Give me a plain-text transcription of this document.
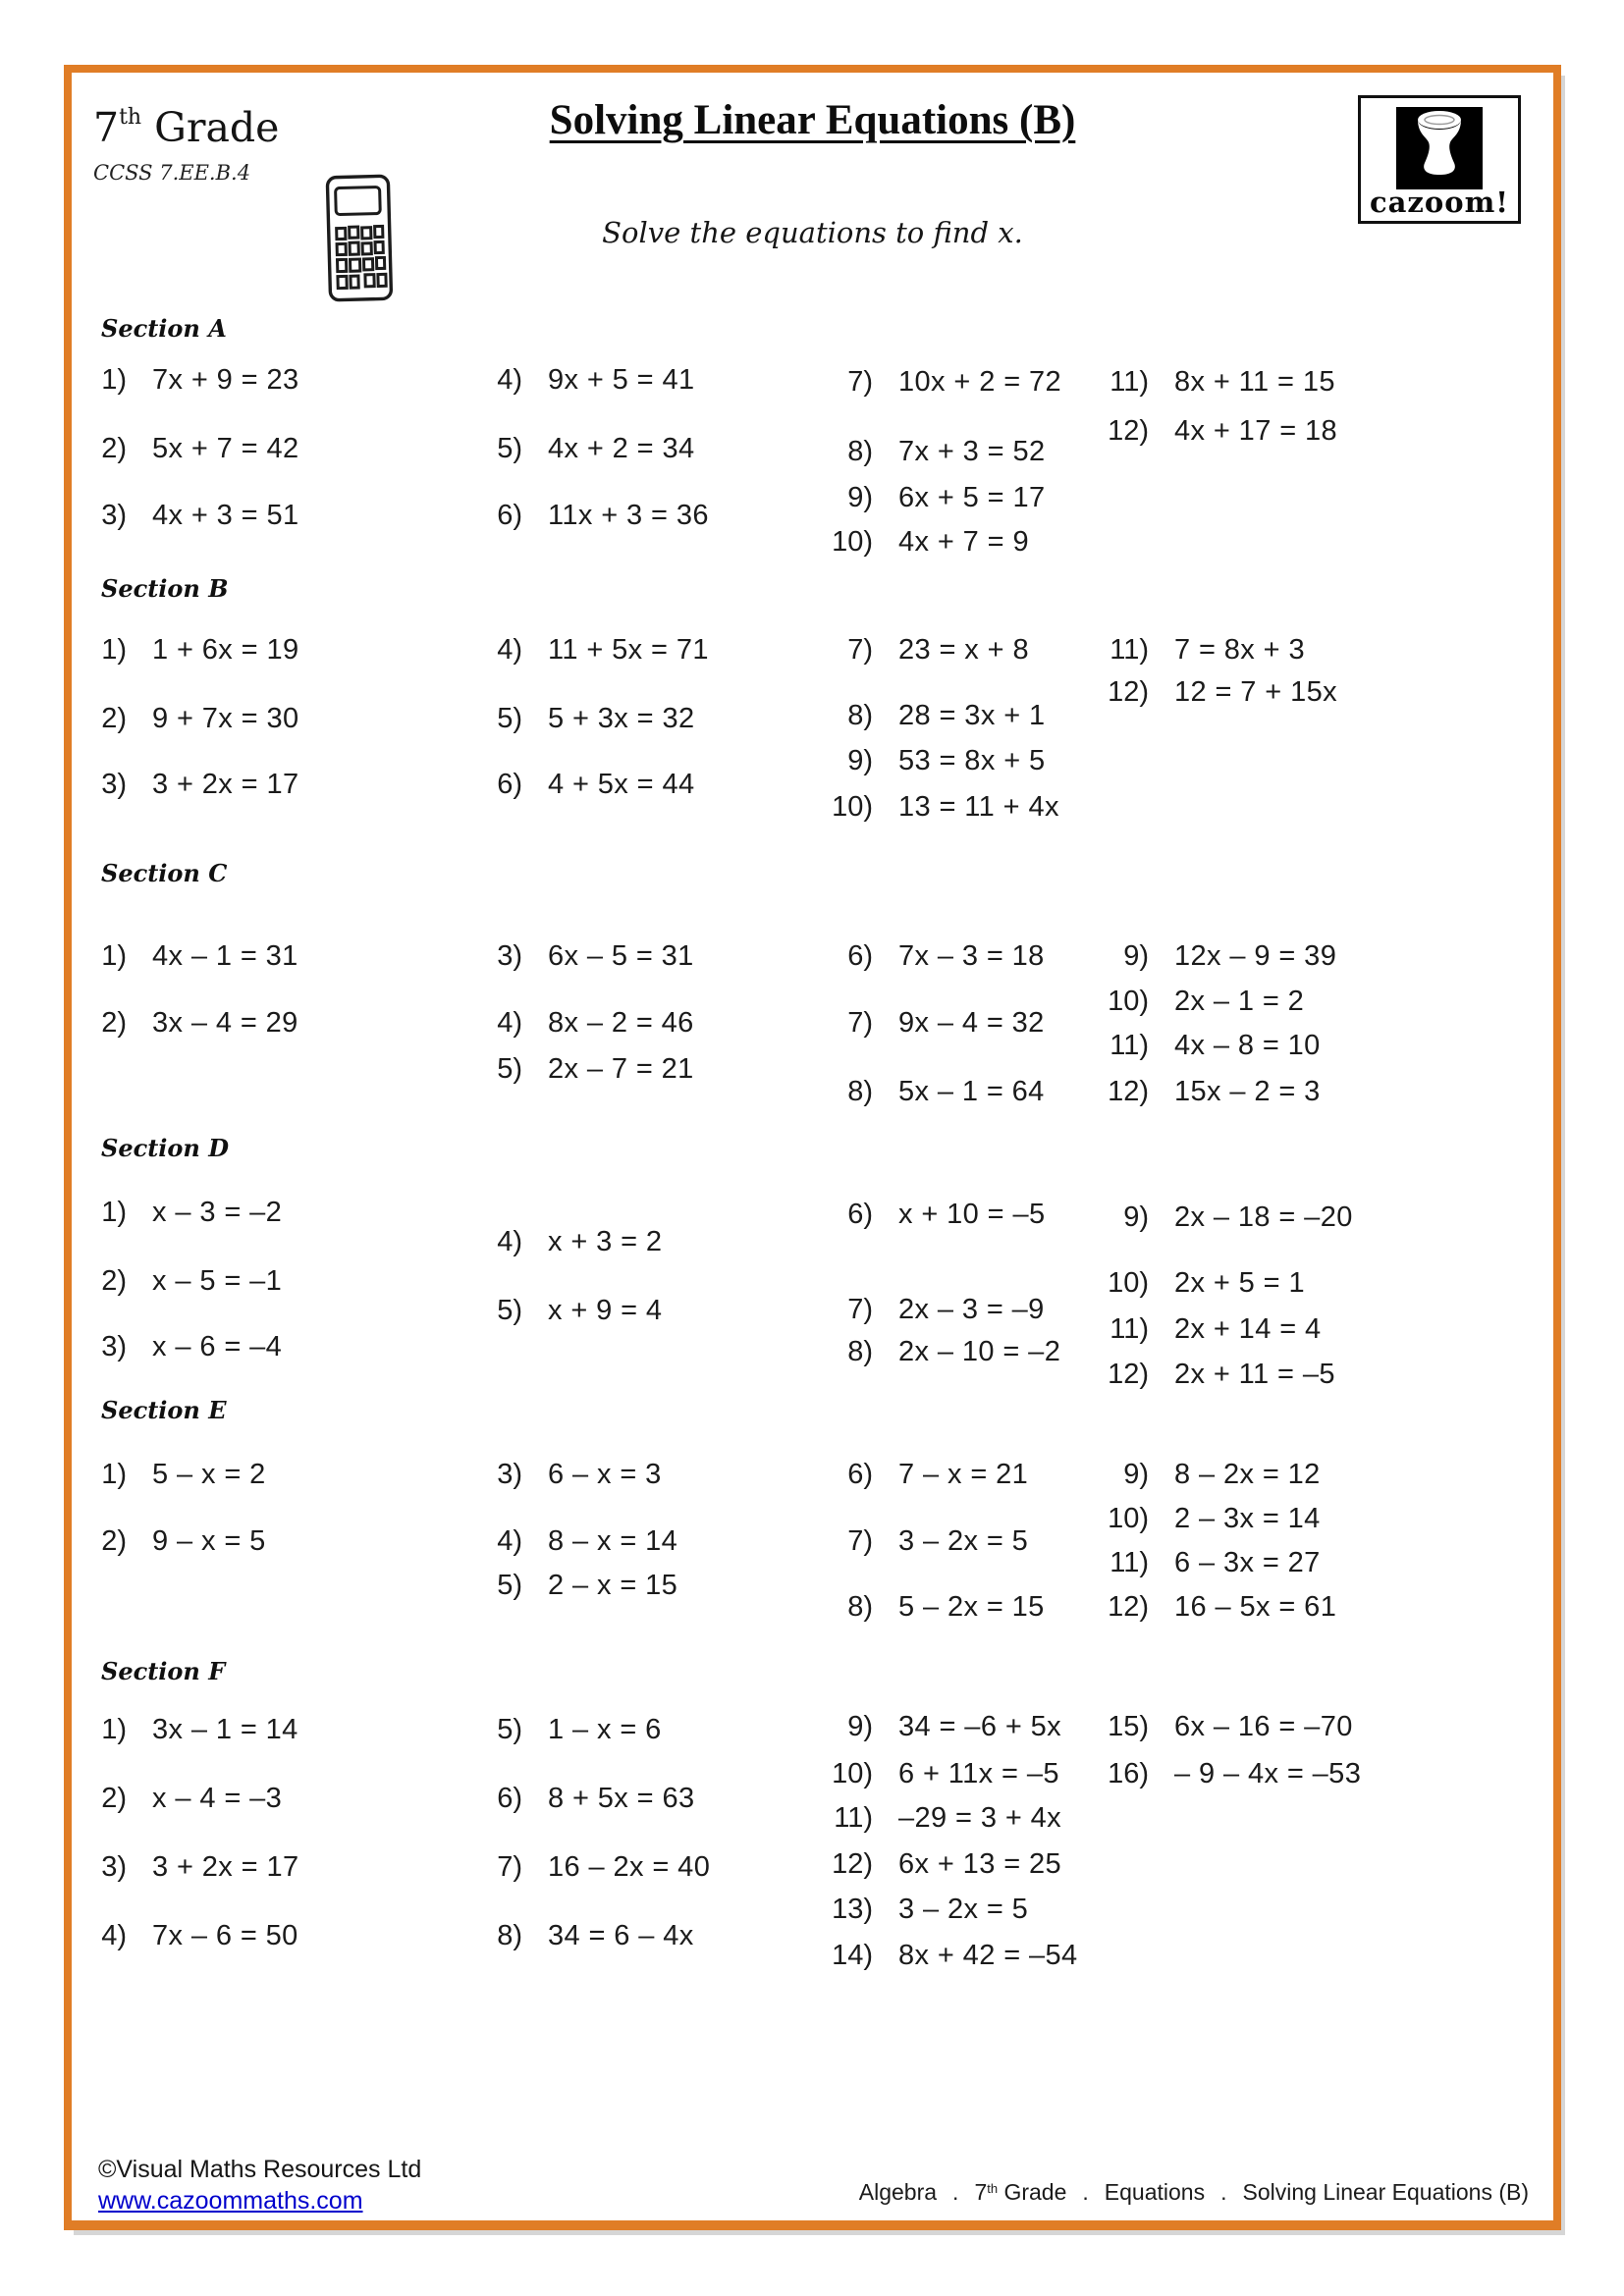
7th Grade
CCSS 7.EE.B.4
Solving Linear Equations (B)
Solve the equations to find x.
cazoom!
Section A
1) 7x + 9 = 23
2) 5x + 7 = 42
3) 4x + 3 = 51
4) 9x + 5 = 41
5) 4x + 2 = 34
6) 11x + 3 = 36
7) 10x + 2 = 72
8) 7x + 3 = 52
9) 6x + 5 = 17
10) 4x + 7 = 9
11) 8x + 11 = 15
12) 4x + 17 = 18
Section B
1) 1 + 6x = 19
2) 9 + 7x = 30
3) 3 + 2x = 17
4) 11 + 5x = 71
5) 5 + 3x = 32
6) 4 + 5x = 44
7) 23 = x + 8
8) 28 = 3x + 1
9) 53 = 8x + 5
10) 13 = 11 + 4x
11) 7 = 8x + 3
12) 12 = 7 + 15x
Section C
1) 4x – 1 = 31
2) 3x – 4 = 29
3) 6x – 5 = 31
4) 8x – 2 = 46
5) 2x – 7 = 21
6) 7x – 3 = 18
7) 9x – 4 = 32
8) 5x – 1 = 64
9) 12x – 9 = 39
10) 2x – 1 = 2
11) 4x – 8 = 10
12) 15x – 2 = 3
Section D
1) x – 3 = –2
2) x – 5 = –1
3) x – 6 = –4
4) x + 3 = 2
5) x + 9 = 4
6) x + 10 = –5
7) 2x – 3 = –9
8) 2x – 10 = –2
9) 2x – 18 = –20
10) 2x + 5 = 1
11) 2x + 14 = 4
12) 2x + 11 = –5
Section E
1) 5 – x = 2
2) 9 – x = 5
3) 6 – x = 3
4) 8 – x = 14
5) 2 – x = 15
6) 7 – x = 21
7) 3 – 2x = 5
8) 5 – 2x = 15
9) 8 – 2x = 12
10) 2 – 3x = 14
11) 6 – 3x = 27
12) 16 – 5x = 61
Section F
1) 3x – 1 = 14
2) x – 4 = –3
3) 3 + 2x = 17
4) 7x – 6 = 50
5) 1 – x = 6
6) 8 + 5x = 63
7) 16 – 2x = 40
8) 34 = 6 – 4x
9) 34 = –6 + 5x
10) 6 + 11x = –5
11) –29 = 3 + 4x
12) 6x + 13 = 25
13) 3 – 2x = 5
14) 8x + 42 = –54
15) 6x – 16 = –70
16) – 9 – 4x = –53
©Visual Maths Resources Ltd
www.cazoommaths.com	Algebra . 7th Grade . Equations . Solving Linear Equations (B)
